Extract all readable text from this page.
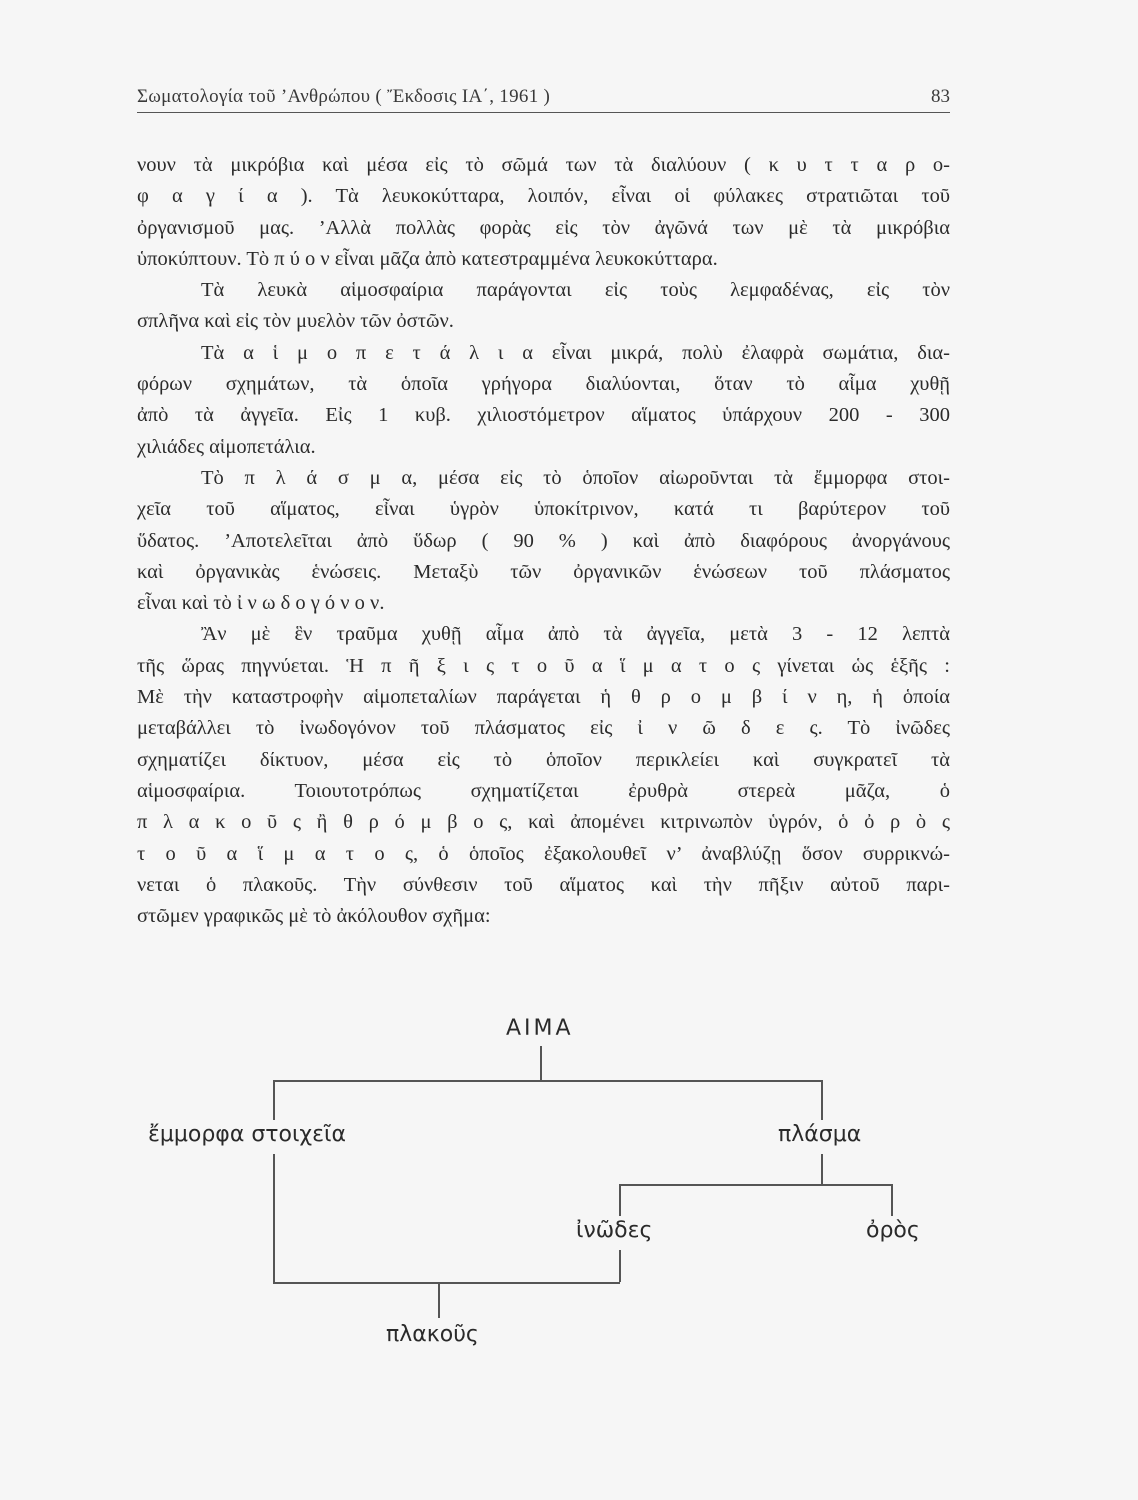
Σωματολογία τοῦ ’Ανθρώπου ( Ἔκδοσις ΙΑ΄, 1961 )	83
νουν τὰ μικρόβια καὶ μέσα εἰς τὸ σῶμά των τὰ διαλύουν ( κ υ τ τ α ρ ο-
φ α γ ί α ). Τὰ λευκοκύτταρα, λοιπόν, εἶναι οἱ φύλακες στρατιῶται τοῦ
ὀργανισμοῦ μας. ’Αλλὰ πολλὰς φορὰς εἰς τὸν ἀγῶνά των μὲ τὰ μικρόβια
ὑποκύπτουν. Τὸ π ύ ο ν εἶναι μᾶζα ἀπὸ κατεστραμμένα λευκοκύτταρα.
Τὰ λευκὰ αἱμοσφαίρια παράγονται εἰς τοὺς λεμφαδένας, εἰς τὸν
σπλῆνα καὶ εἰς τὸν μυελὸν τῶν ὀστῶν.
Τὰ α ἱ μ ο π ε τ ά λ ι α εἶναι μικρά, πολὺ ἐλαφρὰ σωμάτια, δια-
φόρων σχημάτων, τὰ ὁποῖα γρήγορα διαλύονται, ὅταν τὸ αἷμα χυθῇ
ἀπὸ τὰ ἀγγεῖα. Εἰς 1 κυβ. χιλιοστόμετρον αἵματος ὑπάρχουν 200 - 300
χιλιάδες αἱμοπετάλια.
Τὸ π λ ά σ μ α, μέσα εἰς τὸ ὁποῖον αἰωροῦνται τὰ ἔμμορφα στοι-
χεῖα τοῦ αἵματος, εἶναι ὑγρὸν ὑποκίτρινον, κατά τι βαρύτερον τοῦ
ὕδατος. ’Αποτελεῖται ἀπὸ ὕδωρ ( 90 % ) καὶ ἀπὸ διαφόρους ἀνοργάνους
καὶ ὀργανικὰς ἑνώσεις. Μεταξὺ τῶν ὀργανικῶν ἑνώσεων τοῦ πλάσματος
εἶναι καὶ τὸ ἰ ν ω δ ο γ ό ν ο ν.
Ἂν μὲ ἓν τραῦμα χυθῇ αἷμα ἀπὸ τὰ ἀγγεῖα, μετὰ 3 - 12 λεπτὰ
τῆς ὥρας πηγνύεται. Ἡ π ῆ ξ ι ς τ ο ῦ α ἵ μ α τ ο ς γίνεται ὡς ἑξῆς :
Μὲ τὴν καταστροφὴν αἱμοπεταλίων παράγεται ἡ θ ρ ο μ β ί ν η, ἡ ὁποία
μεταβάλλει τὸ ἰνωδογόνον τοῦ πλάσματος εἰς ἰ ν ῶ δ ε ς. Τὸ ἰνῶδες
σχηματίζει δίκτυον, μέσα εἰς τὸ ὁποῖον περικλείει καὶ συγκρατεῖ τὰ
αἱμοσφαίρια. Τοιουτοτρόπως σχηματίζεται ἐρυθρὰ στερεὰ μᾶζα, ὁ
π λ α κ ο ῦ ς ἢ θ ρ ό μ β ο ς, καὶ ἀπομένει κιτρινωπὸν ὑγρόν, ὁ ὀ ρ ὸ ς
τ ο ῦ α ἵ μ α τ ο ς, ὁ ὁποῖος ἐξακολουθεῖ ν’ ἀναβλύζῃ ὅσον συρρικνώ-
νεται ὁ πλακοῦς. Τὴν σύνθεσιν τοῦ αἵματος καὶ τὴν πῆξιν αὐτοῦ παρι-
στῶμεν γραφικῶς μὲ τὸ ἀκόλουθον σχῆμα:
ΑΙΜΑ
ἔμμορφα στοιχεῖα	πλάσμα
ἰνῶδες	ὀρὸς
πλακοῦς
